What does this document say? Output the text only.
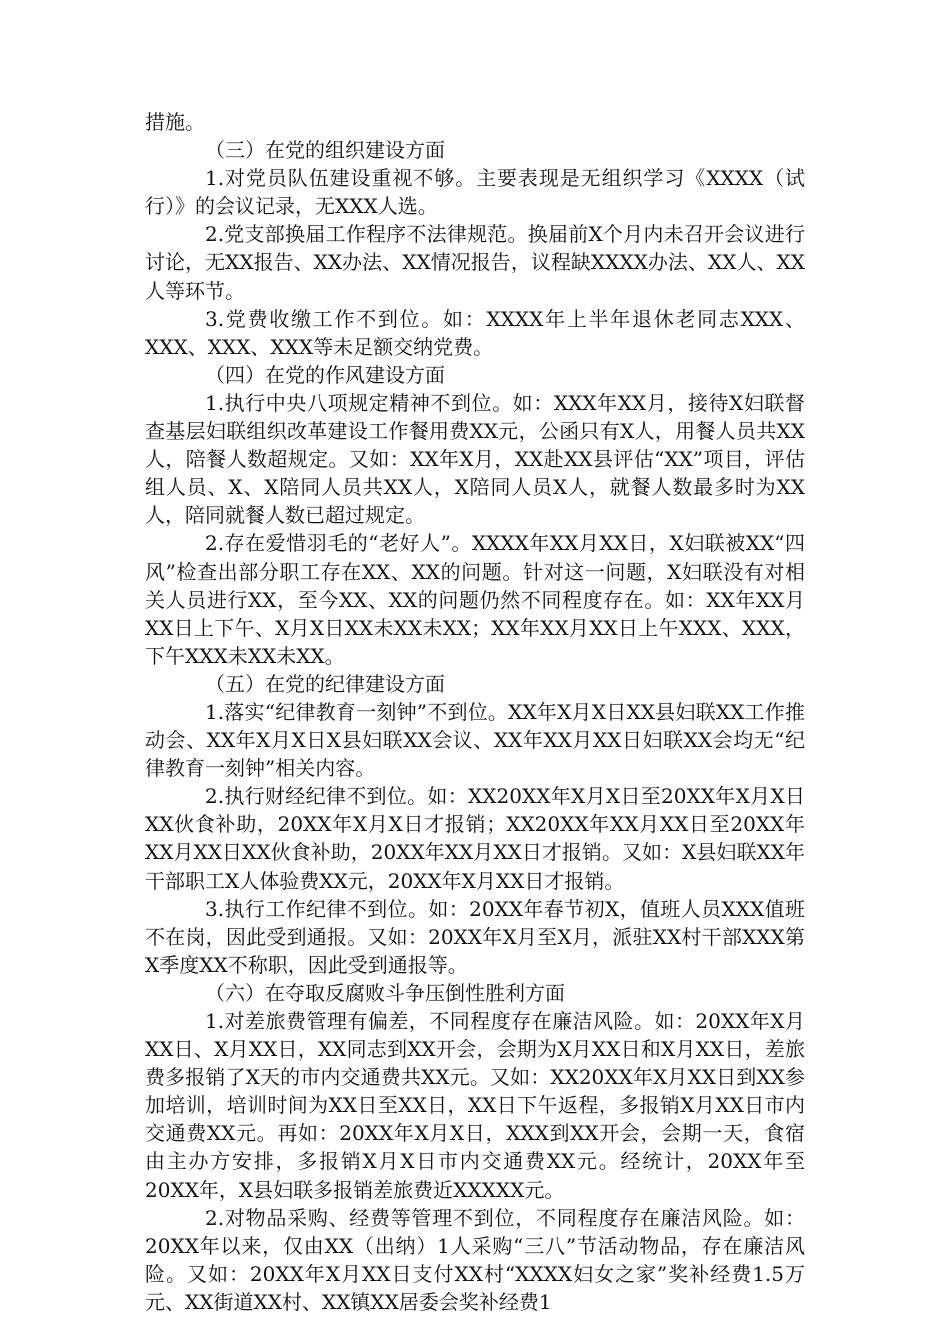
措施。

（三）在党的组织建设方面

1.对党员队伍建设重视不够。主要表现是无组织学习《XXXX（试行）》的会议记录，无XXX人选。

2.党支部换届工作程序不法律规范。换届前X个月内未召开会议进行讨论，无XX报告、XX办法、XX情况报告，议程缺XXXX办法、XX人、XX人等环节。

3.党费收缴工作不到位。如：XXXX年上半年退休老同志XXX、XXX、XXX、XXX等未足额交纳党费。

（四）在党的作风建设方面

1.执行中央八项规定精神不到位。如：XXX年XX月，接待X妇联督查基层妇联组织改革建设工作餐用费XX元，公函只有X人，用餐人员共XX人，陪餐人数超规定。又如：XX年X月，XX赴XX县评估“XX”项目，评估组人员、X、X陪同人员共XX人，X陪同人员X人，就餐人数最多时为XX人，陪同就餐人数已超过规定。

2.存在爱惜羽毛的“老好人”。XXXX年XX月XX日，X妇联被XX“四风”检查出部分职工存在XX、XX的问题。针对这一问题，X妇联没有对相关人员进行XX，至今XX、XX的问题仍然不同程度存在。如：XX年XX月XX日上下午、X月X日XX未XX未XX；XX年XX月XX日上午XXX、XXX，下午XXX未XX未XX。

（五）在党的纪律建设方面

1.落实“纪律教育一刻钟”不到位。XX年X月X日XX县妇联XX工作推动会、XX年X月X日X县妇联XX会议、XX年XX月XX日妇联XX会均无“纪律教育一刻钟”相关内容。

2.执行财经纪律不到位。如：XX20XX年X月X日至20XX年X月X日XX伙食补助，20XX年X月X日才报销；XX20XX年XX月XX日至20XX年XX月XX日XX伙食补助，20XX年XX月XX日才报销。又如：X县妇联XX年干部职工X人体验费XX元，20XX年X月XX日才报销。

3.执行工作纪律不到位。如：20XX年春节初X，值班人员XXX值班不在岗，因此受到通报。又如：20XX年X月至X月，派驻XX村干部XXX第X季度XX不称职，因此受到通报等。

（六）在夺取反腐败斗争压倒性胜利方面

1.对差旅费管理有偏差，不同程度存在廉洁风险。如：20XX年X月XX日、X月XX日，XX同志到XX开会，会期为X月XX日和X月XX日，差旅费多报销了X天的市内交通费共XX元。又如：XX20XX年X月XX日到XX参加培训，培训时间为XX日至XX日，XX日下午返程，多报销X月XX日市内交通费XX元。再如：20XX年X月X日，XXX到XX开会，会期一天，食宿由主办方安排，多报销X月X日市内交通费XX元。经统计，20XX年至20XX年，X县妇联多报销差旅费近XXXXX元。

2.对物品采购、经费等管理不到位，不同程度存在廉洁风险。如：20XX年以来，仅由XX（出纳）1人采购“三八”节活动物品，存在廉洁风险。又如：20XX年X月XX日支付XX村“XXXX妇女之家”奖补经费1.5万元、XX街道XX村、XX镇XX居委会奖补经费1
